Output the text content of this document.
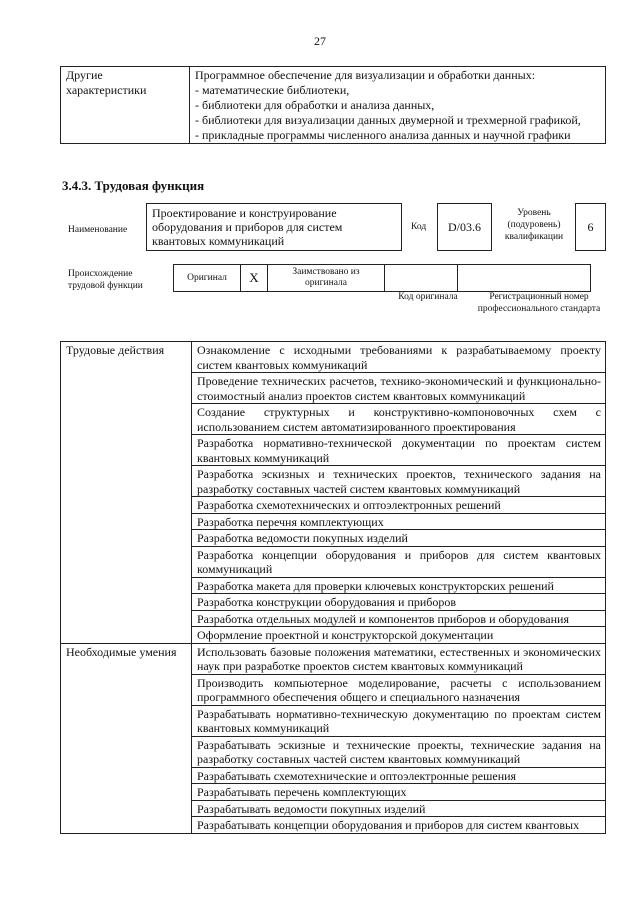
27
Другие характеристики	
Программное обеспечение для визуализации и обработки данных:
- математические библиотеки,
- библиотеки для обработки и анализа данных,
- библиотеки для визуализации данных двумерной и трехмерной графикой,
- прикладные программы численного анализа данных и научной графики
3.4.3. Трудовая функция
Наименование
Проектирование и конструирование оборудования и приборов для систем квантовых коммуникаций
Код	D/03.6
Уровень (подуровень) квалификации
6
Происхождение трудовой функции
Оригинал	X	Заимствовано из оригинала		
Код оригинала	Регистрационный номер профессионального стандарта
Трудовые действия	Ознакомление с исходными требованиями к разрабатываемому проекту систем квантовых коммуникаций
	Проведение технических расчетов, технико-экономический и функционально-стоимостный анализ проектов систем квантовых коммуникаций
	Создание структурных и конструктивно-компоновочных схем с использованием систем автоматизированного проектирования
	Разработка нормативно-технической документации по проектам систем квантовых коммуникаций
	Разработка эскизных и технических проектов, технического задания на разработку составных частей систем квантовых коммуникаций
	Разработка схемотехнических и оптоэлектронных решений
	Разработка перечня комплектующих
	Разработка ведомости покупных изделий
	Разработка концепции оборудования и приборов для систем квантовых коммуникаций
	Разработка макета для проверки ключевых конструкторских решений
	Разработка конструкции оборудования и приборов
	Разработка отдельных модулей и компонентов приборов и оборудования
	Оформление проектной и конструкторской документации
Необходимые умения	Использовать базовые положения математики, естественных и экономических наук при разработке проектов систем квантовых коммуникаций
	Производить компьютерное моделирование, расчеты с использованием программного обеспечения общего и специального назначения
	Разрабатывать нормативно-техническую документацию по проектам систем квантовых коммуникаций
	Разрабатывать эскизные и технические проекты, технические задания на разработку составных частей систем квантовых коммуникаций
	Разрабатывать схемотехнические и оптоэлектронные решения
	Разрабатывать перечень комплектующих
	Разрабатывать ведомости покупных изделий
	Разрабатывать концепции оборудования и приборов для систем квантовых
